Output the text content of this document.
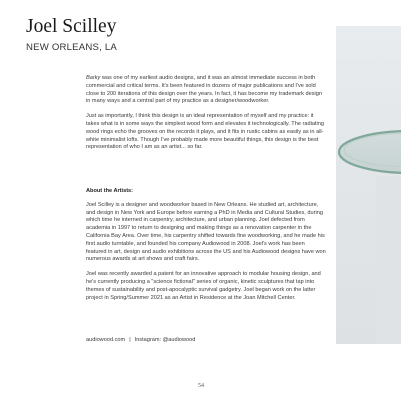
Joel Scilley
NEW ORLEANS, LA

Barky was one of my earliest audio designs, and it was an almost immediate success in both commercial and critical terms. It's been featured in dozens of major publications and I've sold close to 200 iterations of this design over the years. In fact, it has become my trademark design in many ways and a central part of my practice as a designer/woodworker.

Just as importantly, I think this design is an ideal representation of myself and my practice: it takes what is in some ways the simplest wood form and elevates it technologically. The radiating wood rings echo the grooves on the records it plays, and it fits in rustic cabins as easily as in all-white minimalist lofts. Though I've probably made more beautiful things, this design is the best representation of who I am as an artist... so far.

About the Artists:

Joel Scilley is a designer and woodworker based in New Orleans. He studied art, architecture, and design in New York and Europe before earning a PhD in Media and Cultural Studies, during which time he interned in carpentry, architecture, and urban planning. Joel defected from academia in 1997 to return to designing and making things as a renovation carpenter in the California Bay Area. Over time, his carpentry shifted towards fine woodworking, and he made his first audio turntable, and founded his company Audiowood in 2008. Joel's work has been featured in art, design and audio exhibitions across the US and his Audiowood designs have won numerous awards at art shows and craft fairs.

Joel was recently awarded a patent for an innovative approach to modular housing design, and he's currently producing a "science fictional" series of organic, kinetic sculptures that tap into themes of sustainability and post-apocalyptic survival gadgetry. Joel began work on the latter project in Spring/Summer 2021 as an Artist in Residence at the Joan Mitchell Center.

audiowood.com | Instagram: @audiowood
54
